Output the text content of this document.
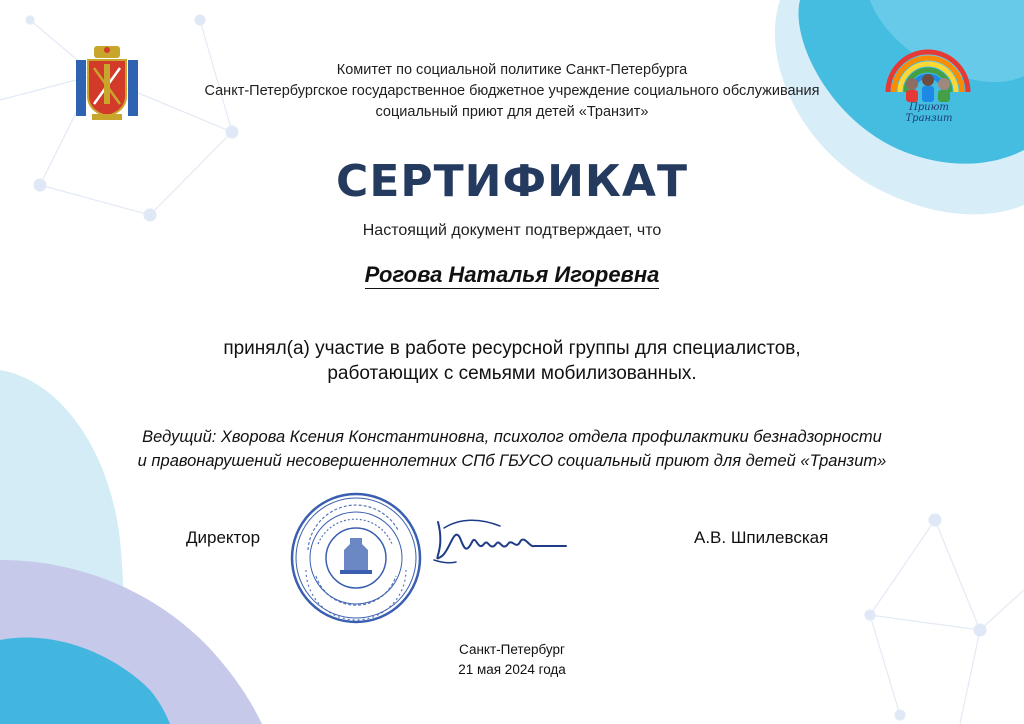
Приют Транзит
Комитет по социальной политике Санкт-Петербурга
Санкт-Петербургское государственное бюджетное учреждение социального обслуживания
социальный приют для детей «Транзит»
СЕРТИФИКАТ
Настоящий документ подтверждает, что
Рогова Наталья Игоревна
принял(а) участие в работе ресурсной группы для специалистов,
работающих с семьями мобилизованных.
Ведущий: Хворова Ксения Константиновна, психолог отдела профилактики безнадзорности
и правонарушений несовершеннолетних СПб ГБУСО социальный приют для детей «Транзит»
Директор	А.В. Шпилевская
Санкт-Петербург
21 мая 2024 года
